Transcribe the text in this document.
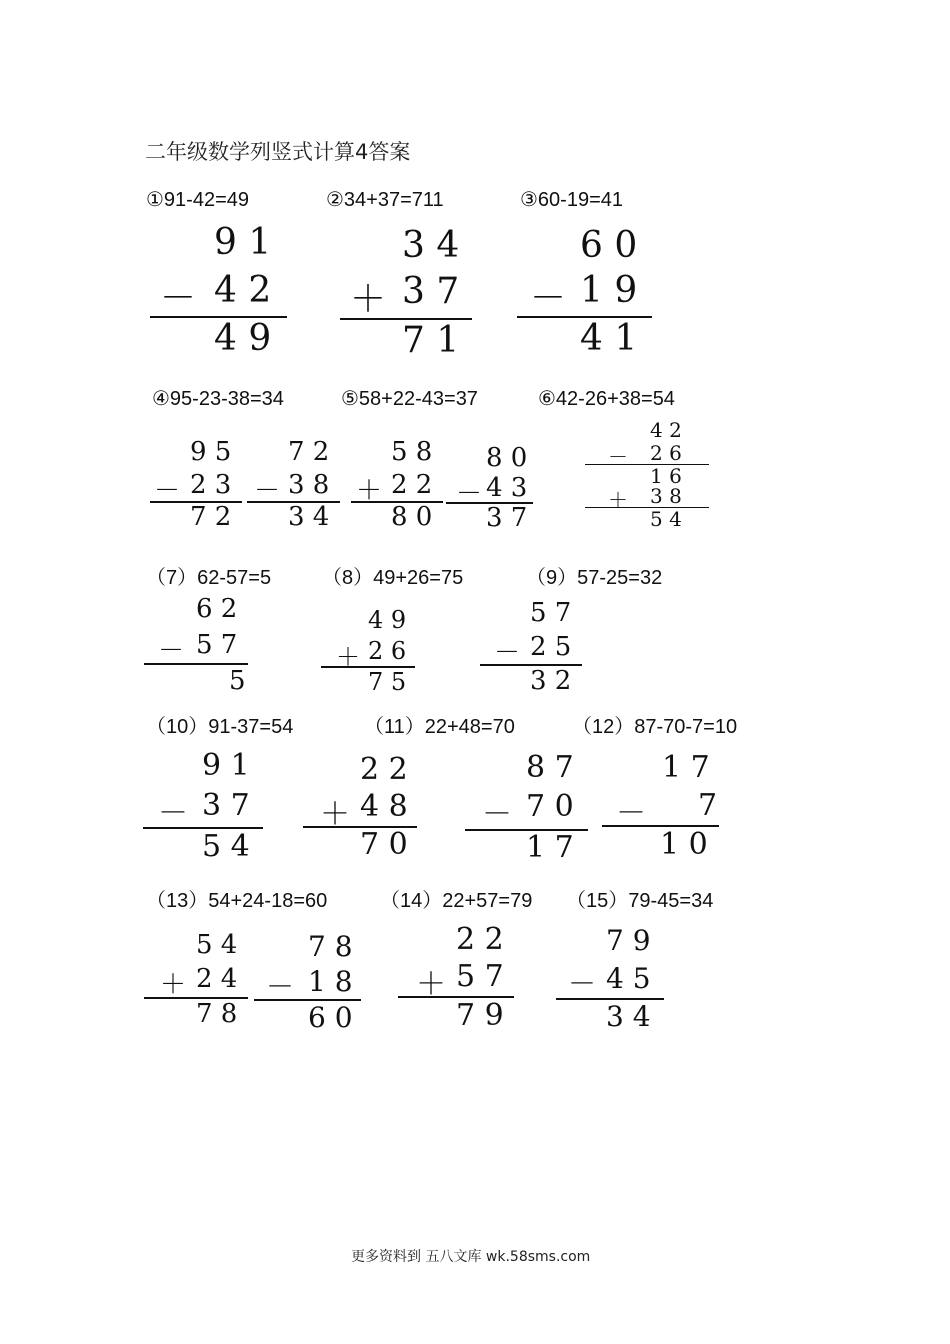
二年级数学列竖式计算4答案
①91-42=49	②34+37=711	③60-19=41
9 1
－ 4 2
4 9
3 4
＋ 3 7
7 1
6 0
－ 1 9
4 1
④95-23-38=34	⑤58+22-43=37	⑥42-26+38=54
9 5
－ 2 3
7 2
7 2
－ 3 8
3 4
5 8
＋ 2 2
8 0
8 0
－ 4 3
3 7
4 2
－ 2 6
1 6
＋ 3 8
5 4
（7）62-57=5	（8）49+26=75	（9）57-25=32
6 2
－ 5 7
5
4 9
＋ 2 6
7 5
5 7
－ 2 5
3 2
（10）91-37=54	（11）22+48=70	（12）87-70-7=10
9 1
－ 3 7
5 4
2 2
＋ 4 8
7 0
8 7
－ 7 0
1 7
1 7
－ 7
1 0
（13）54+24-18=60	（14）22+57=79 （15）79-45=34
5 4
＋ 2 4
7 8
7 8
－ 1 8
6 0
2 2
＋ 5 7
7 9
7 9
－ 4 5
3 4
更多资料到 五八文库 wk.58sms.com
